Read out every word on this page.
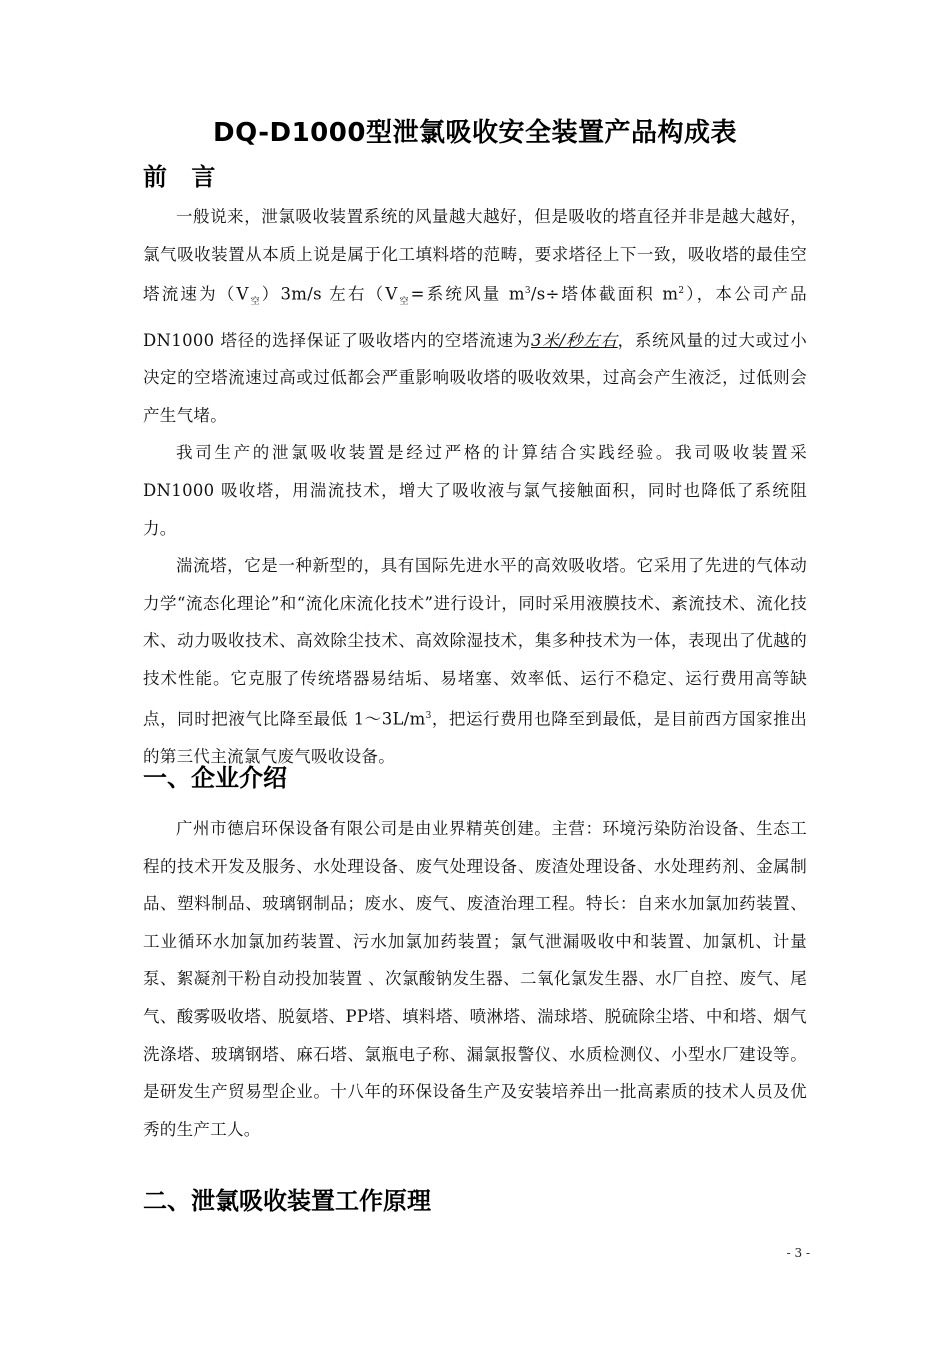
DQ-D1000型泄氯吸收安全装置产品构成表
前 言

一般说来，泄氯吸收装置系统的风量越大越好，但是吸收的塔直径并非是越大越好，氯气吸收装置从本质上说是属于化工填料塔的范畴，要求塔径上下一致，吸收塔的最佳空塔流速为$(V_空)3m/s$ 左右（$V_空=$系统风量 $m^3/s\div$塔体截面积 $m^2$），本公司产品 DN1000 塔径的选择保证了吸收塔内的空塔流速为3米/秒左右，系统风量的过大或过小决定的空塔流速过高或过低都会严重影响吸收塔的吸收效果，过高会产生液泛，过低则会产生气堵。

我司生产的泄氯吸收装置是经过严格的计算结合实践经验。我司吸收装置采 DN1000 吸收塔，用湍流技术，增大了吸收液与氯气接触面积，同时也降低了系统阻力。

湍流塔，它是一种新型的，具有国际先进水平的高效吸收塔。它采用了先进的气体动力学“流态化理论”和“流化床流化技术”进行设计，同时采用液膜技术、紊流技术、流化技术、动力吸收技术、高效除尘技术、高效除湿技术，集多种技术为一体，表现出了优越的技术性能。它克服了传统塔器易结垢、易堵塞、效率低、运行不稳定、运行费用高等缺点，同时把液气比降至最低 $1\sim 3L/m^3$，把运行费用也降至到最低，是目前西方国家推出的第三代主流氯气废气吸收设备。

一、企业介绍

广州市德启环保设备有限公司是由业界精英创建。主营：环境污染防治设备、生态工程的技术开发及服务、水处理设备、废气处理设备、废渣处理设备、水处理药剂、金属制品、塑料制品、玻璃钢制品；废水、废气、废渣治理工程。特长：自来水加氯加药装置、工业循环水加氯加药装置、污水加氯加药装置；氯气泄漏吸收中和装置、加氯机、计量泵、絮凝剂干粉自动投加装置 、次氯酸钠发生器、二氧化氯发生器、水厂自控、废气、尾气、酸雾吸收塔、脱氨塔、PP塔、填料塔、喷淋塔、湍球塔、脱硫除尘塔、中和塔、烟气洗涤塔、玻璃钢塔、麻石塔、氯瓶电子称、漏氯报警仪、水质检测仪、小型水厂建设等。是研发生产贸易型企业。十八年的环保设备生产及安装培养出一批高素质的技术人员及优秀的生产工人。

二、泄氯吸收装置工作原理
- 3 -
